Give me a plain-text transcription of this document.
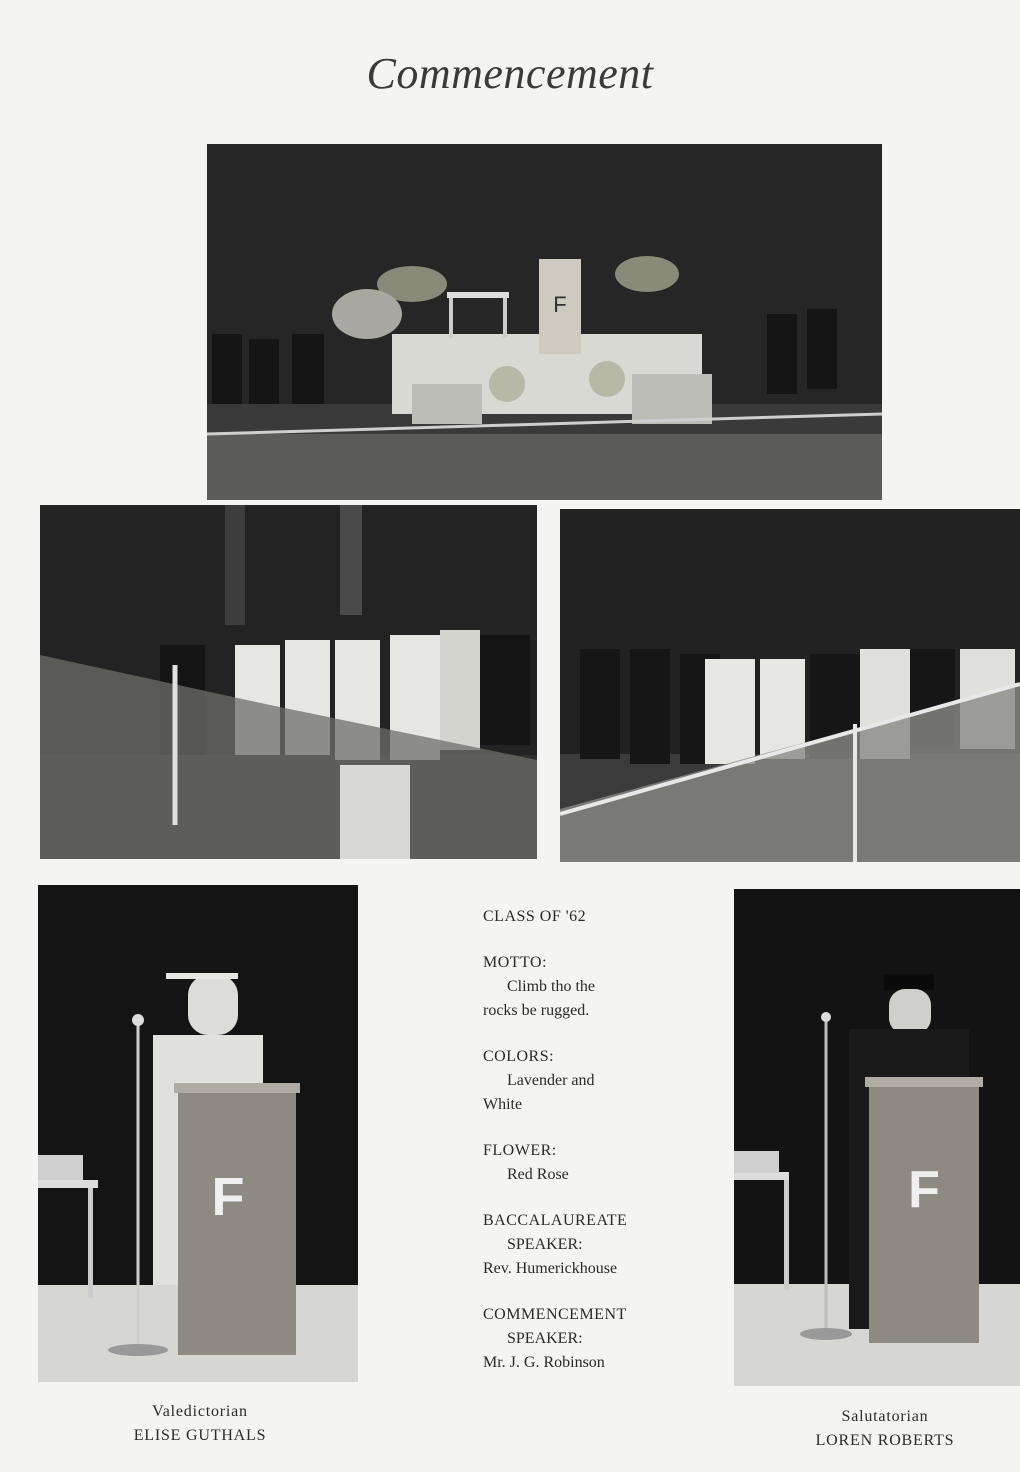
Commencement
F
F	F
CLASS OF '62
MOTTO:
Climb tho the
rocks be rugged.
COLORS:
Lavender and
White
FLOWER:
Red Rose
BACCALAUREATE
SPEAKER:
Rev. Humerickhouse
COMMENCEMENT
SPEAKER:
Mr. J. G. Robinson
Valedictorian
ELISE GUTHALS
Salutatorian
LOREN ROBERTS
